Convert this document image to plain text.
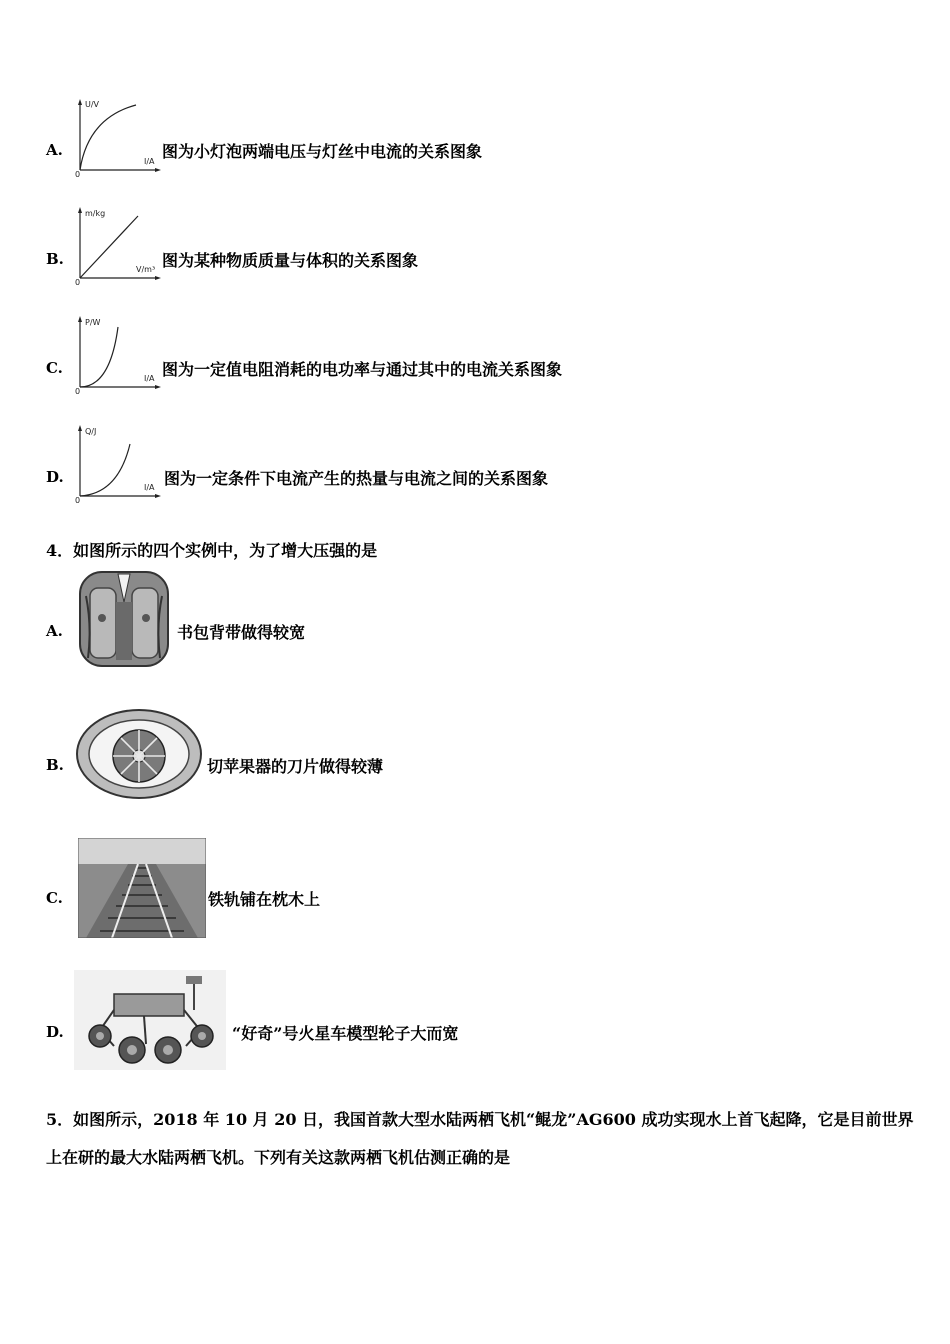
A.
U/V
I/A
0
图为小灯泡两端电压与灯丝中电流的关系图象
B.
m/kg
V/m³
0
图为某种物质质量与体积的关系图象
C.
P/W
I/A
0
图为一定值电阻消耗的电功率与通过其中的电流关系图象
D.
Q/J
I/A
0
图为一定条件下电流产生的热量与电流之间的关系图象
4．如图所示的四个实例中，为了增大压强的是
A.	书包背带做得较宽
B.	切苹果器的刀片做得较薄
C.	铁轨铺在枕木上
D.	“好奇”号火星车模型轮子大而宽
5．如图所示，2018 年 10 月 20 日，我国首款大型水陆两栖飞机“鲲龙”AG600 成功实现水上首飞起降，它是目前世界
上在研的最大水陆两栖飞机。下列有关这款两栖飞机估测正确的是
